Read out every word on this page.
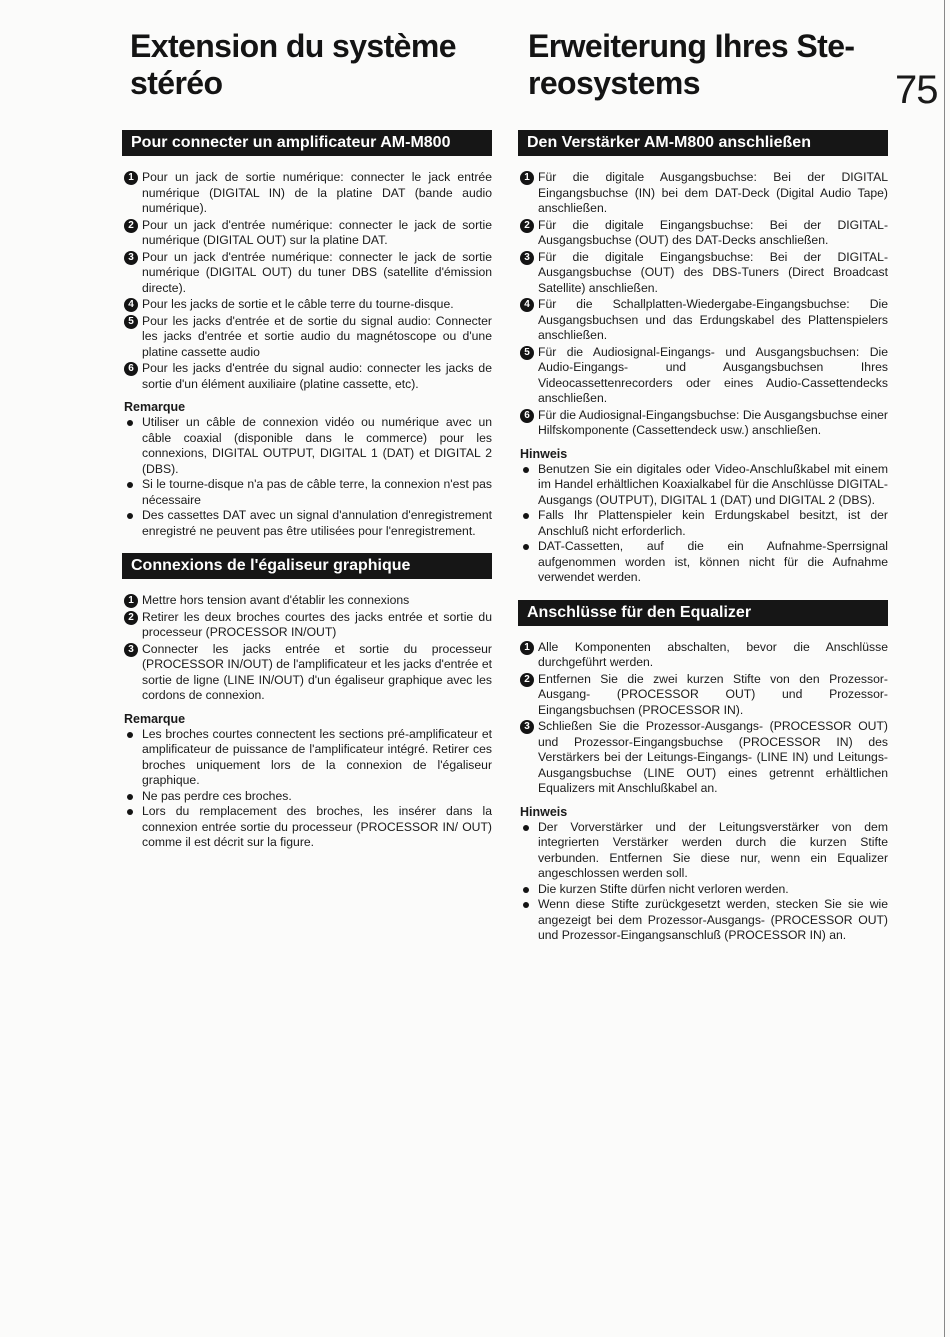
75
Extension du système
stéréo
Pour connecter un amplificateur AM-M800
1 Pour un jack de sortie numérique: connecter le jack entrée numérique (DIGITAL IN) de la platine DAT (bande audio numérique).
2 Pour un jack d'entrée numérique: connecter le jack de sortie numérique (DIGITAL OUT) sur la platine DAT.
3 Pour un jack d'entrée numérique: connecter le jack de sortie numérique (DIGITAL OUT) du tuner DBS (satellite d'émission directe).
4 Pour les jacks de sortie et le câble terre du tourne-disque.
5 Pour les jacks d'entrée et de sortie du signal audio: Connecter les jacks d'entrée et sortie audio du magnétoscope ou d'une platine cassette audio
6 Pour les jacks d'entrée du signal audio: connecter les jacks de sortie d'un élément auxiliaire (platine cassette, etc).
Remarque
Utiliser un câble de connexion vidéo ou numérique avec un câble coaxial (disponible dans le commerce) pour les connexions, DIGITAL OUTPUT, DIGITAL 1 (DAT) et DIGITAL 2 (DBS).
Si le tourne-disque n'a pas de câble terre, la connexion n'est pas nécessaire
Des cassettes DAT avec un signal d'annulation d'enregistrement enregistré ne peuvent pas être utilisées pour l'enregistrement.
Connexions de l'égaliseur graphique
1 Mettre hors tension avant d'établir les connexions
2 Retirer les deux broches courtes des jacks entrée et sortie du processeur (PROCESSOR IN/OUT)
3 Connecter les jacks entrée et sortie du processeur (PROCESSOR IN/OUT) de l'amplificateur et les jacks d'entrée et sortie de ligne (LINE IN/OUT) d'un égaliseur graphique avec les cordons de connexion.
Remarque
Les broches courtes connectent les sections pré-amplificateur et amplificateur de puissance de l'amplificateur intégré. Retirer ces broches uniquement lors de la connexion de l'égaliseur graphique.
Ne pas perdre ces broches.
Lors du remplacement des broches, les insérer dans la connexion entrée sortie du processeur (PROCESSOR IN/ OUT) comme il est décrit sur la figure.
Erweiterung Ihres Ste-
reosystems
Den Verstärker AM-M800 anschließen
1 Für die digitale Ausgangsbuchse: Bei der DIGITAL Eingangsbuchse (IN) bei dem DAT-Deck (Digital Audio Tape) anschließen.
2 Für die digitale Eingangsbuchse: Bei der DIGITAL-Ausgangsbuchse (OUT) des DAT-Decks anschließen.
3 Für die digitale Eingangsbuchse: Bei der DIGITAL-Ausgangsbuchse (OUT) des DBS-Tuners (Direct Broadcast Satellite) anschließen.
4 Für die Schallplatten-Wiedergabe-Eingangsbuchse: Die Ausgangsbuchsen und das Erdungskabel des Plattenspielers anschließen.
5 Für die Audiosignal-Eingangs- und Ausgangsbuchsen: Die Audio-Eingangs- und Ausgangsbuchsen Ihres Videocassettenrecorders oder eines Audio-Cassettendecks anschließen.
6 Für die Audiosignal-Eingangsbuchse: Die Ausgangsbuchse einer Hilfskomponente (Cassettendeck usw.) anschließen.
Hinweis
Benutzen Sie ein digitales oder Video-Anschlußkabel mit einem im Handel erhältlichen Koaxialkabel für die Anschlüsse DIGITAL-Ausgangs (OUTPUT), DIGITAL 1 (DAT) und DIGITAL 2 (DBS).
Falls Ihr Plattenspieler kein Erdungskabel besitzt, ist der Anschluß nicht erforderlich.
DAT-Cassetten, auf die ein Aufnahme-Sperrsignal aufgenommen worden ist, können nicht für die Aufnahme verwendet werden.
Anschlüsse für den Equalizer
1 Alle Komponenten abschalten, bevor die Anschlüsse durchgeführt werden.
2 Entfernen Sie die zwei kurzen Stifte von den Prozessor-Ausgang- (PROCESSOR OUT) und Prozessor-Eingangsbuchsen (PROCESSOR IN).
3 Schließen Sie die Prozessor-Ausgangs- (PROCESSOR OUT) und Prozessor-Eingangsbuchse (PROCESSOR IN) des Verstärkers bei der Leitungs-Eingangs- (LINE IN) und Leitungs-Ausgangsbuchse (LINE OUT) eines getrennt erhältlichen Equalizers mit Anschlußkabel an.
Hinweis
Der Vorverstärker und der Leitungsverstärker von dem integrierten Verstärker werden durch die kurzen Stifte verbunden. Entfernen Sie diese nur, wenn ein Equalizer angeschlossen werden soll.
Die kurzen Stifte dürfen nicht verloren werden.
Wenn diese Stifte zurückgesetzt werden, stecken Sie sie wie angezeigt bei dem Prozessor-Ausgangs- (PROCESSOR OUT) und Prozessor-Eingangsanschluß (PROCESSOR IN) an.
